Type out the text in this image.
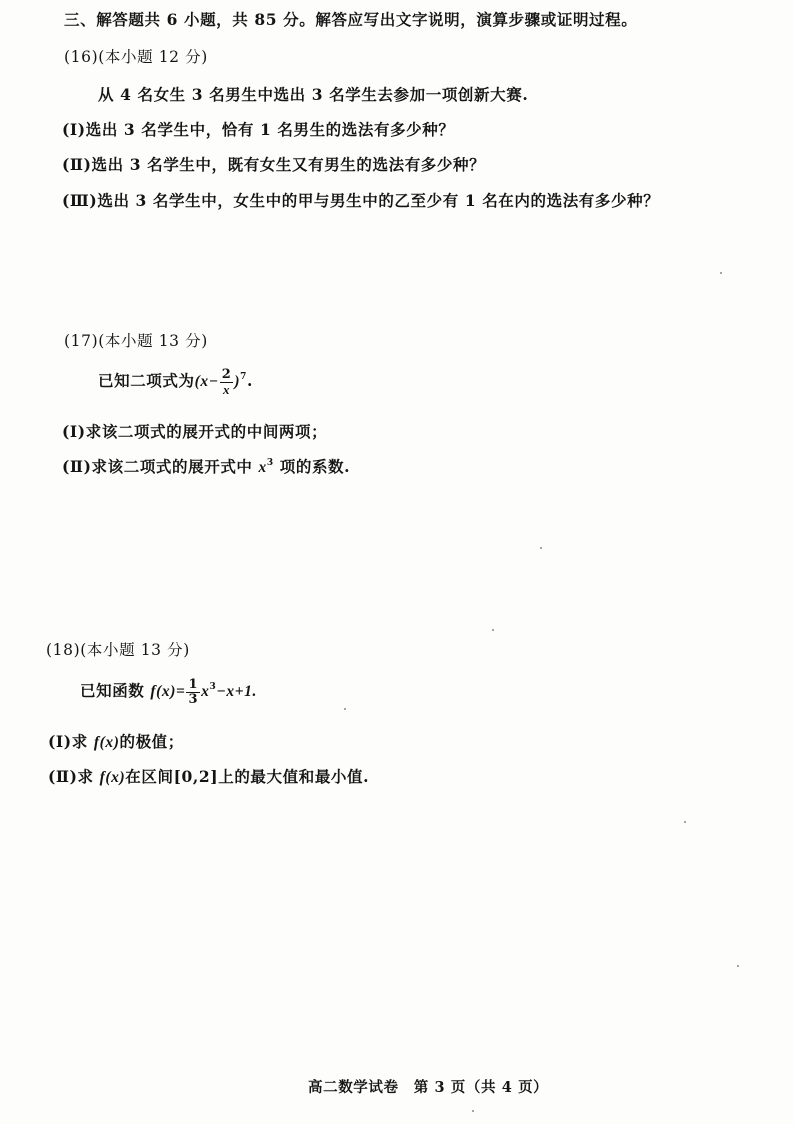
三、解答题共 6 小题，共 85 分。解答应写出文字说明，演算步骤或证明过程。
(16)(本小题 12 分)
从 4 名女生 3 名男生中选出 3 名学生去参加一项创新大赛.
(Ⅰ)选出 3 名学生中，恰有 1 名男生的选法有多少种？
(Ⅱ)选出 3 名学生中，既有女生又有男生的选法有多少种？
(Ⅲ)选出 3 名学生中，女生中的甲与男生中的乙至少有 1 名在内的选法有多少种？
(17)(本小题 13 分)
已知二项式为$(x- \frac{2}{x} )^7$.
(Ⅰ)求该二项式的展开式的中间两项；
(Ⅱ)求该二项式的展开式中 $x^3$ 项的系数.
(18)(本小题 13 分)
已知函数 $f(x)= \frac{1}{3} x^3-x+1$.
(Ⅰ)求 f(x)的极值；
(Ⅱ)求 f(x)在区间[0,2]上的最大值和最小值.
高二数学试卷　第 3 页（共 4 页）
